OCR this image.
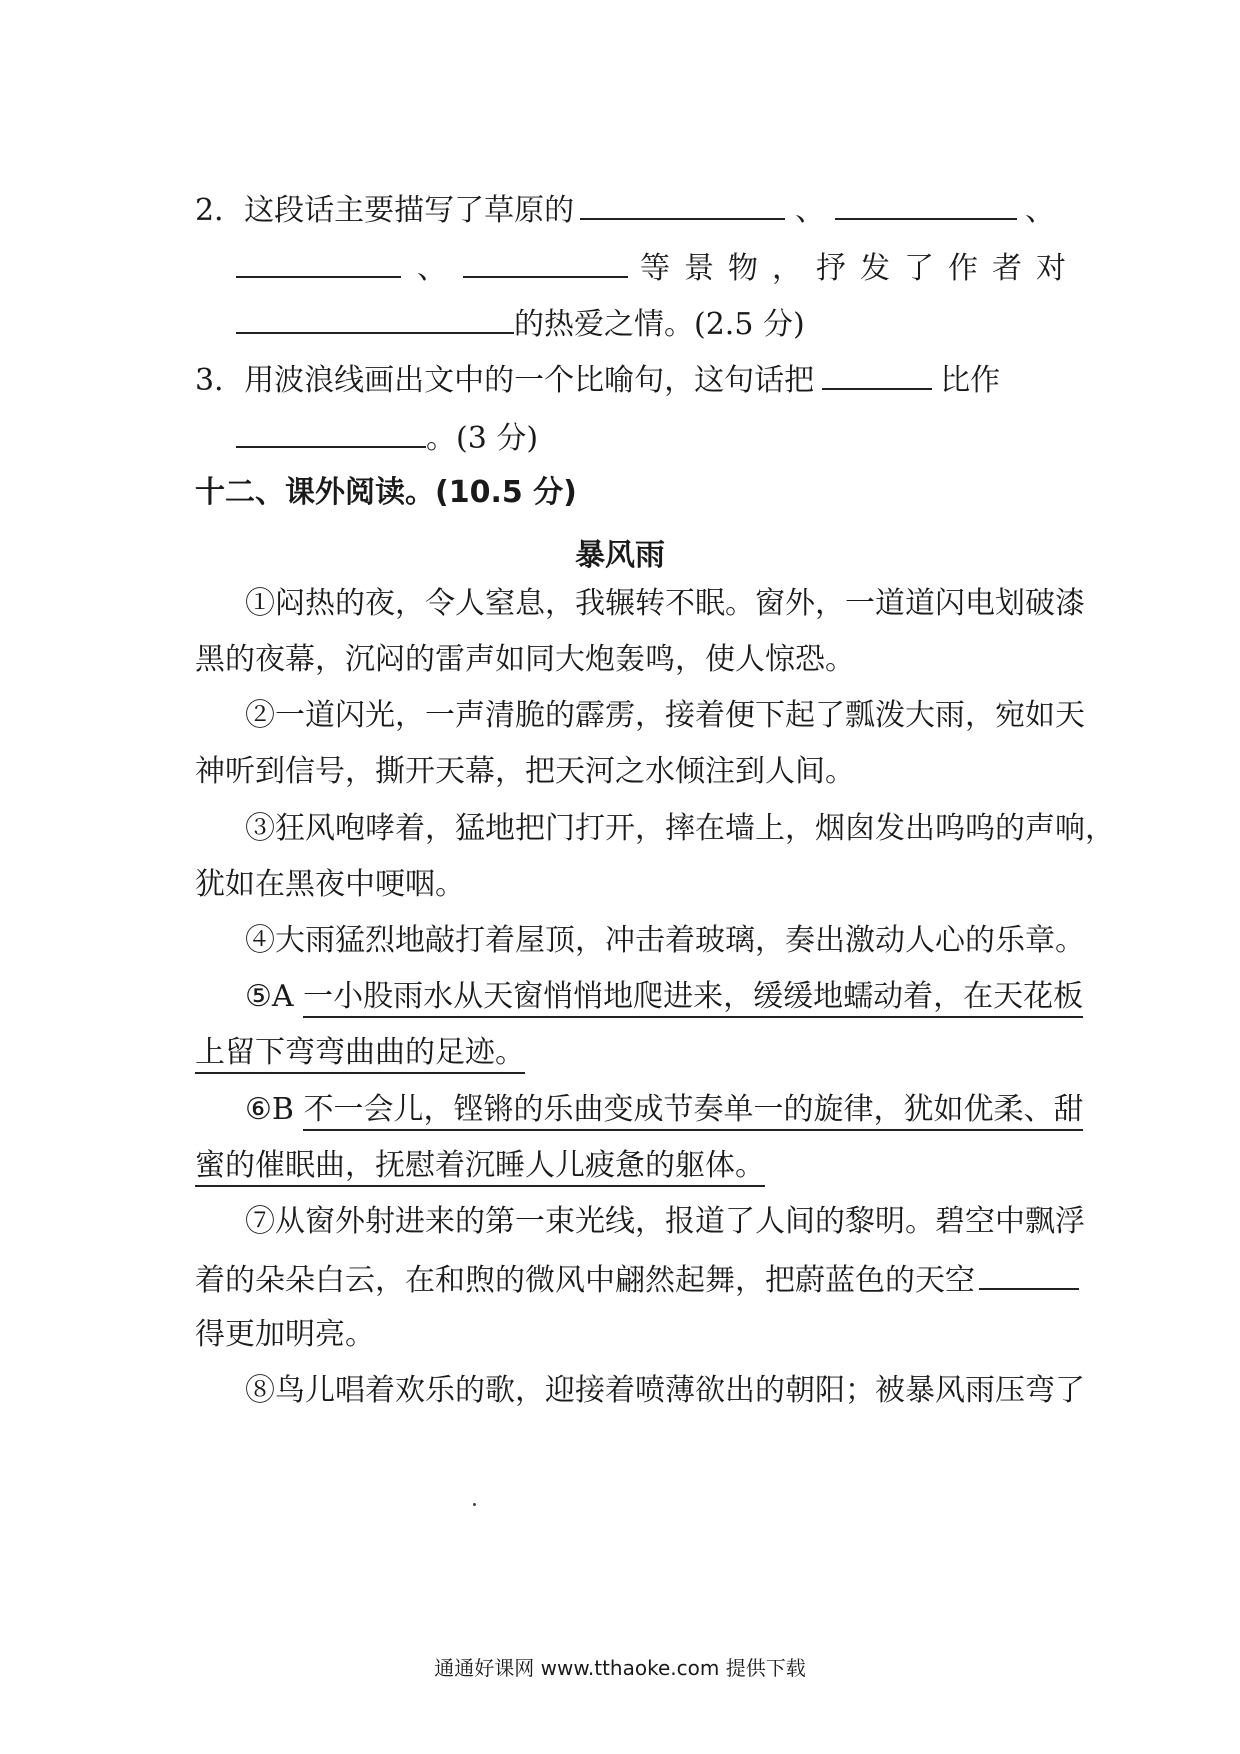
2．这段话主要描写了草原的	、	、
、	等景物，抒发了作者对
的热爱之情。(2.5 分)
3．用波浪线画出文中的一个比喻句，这句话把	比作
。(3 分)
十二、课外阅读。(10.5 分)
暴风雨
①闷热的夜，令人窒息，我辗转不眠。窗外，一道道闪电划破漆
黑的夜幕，沉闷的雷声如同大炮轰鸣，使人惊恐。
②一道闪光，一声清脆的霹雳，接着便下起了瓢泼大雨，宛如天
神听到信号，撕开天幕，把天河之水倾注到人间。
③狂风咆哮着，猛地把门打开，摔在墙上，烟囱发出呜呜的声响，
犹如在黑夜中哽咽。
④大雨猛烈地敲打着屋顶，冲击着玻璃，奏出激动人心的乐章。
⑤A 一小股雨水从天窗悄悄地爬进来，缓缓地蠕动着，在天花板
上留下弯弯曲曲的足迹。
⑥B 不一会儿，铿锵的乐曲变成节奏单一的旋律，犹如优柔、甜
蜜的催眠曲，抚慰着沉睡人儿疲惫的躯体。
⑦从窗外射进来的第一束光线，报道了人间的黎明。碧空中飘浮
着的朵朵白云，在和煦的微风中翩然起舞，把蔚蓝色的天空
得更加明亮。
⑧鸟儿唱着欢乐的歌，迎接着喷薄欲出的朝阳；被暴风雨压弯了
通通好课网 www.tthaoke.com 提供下载
